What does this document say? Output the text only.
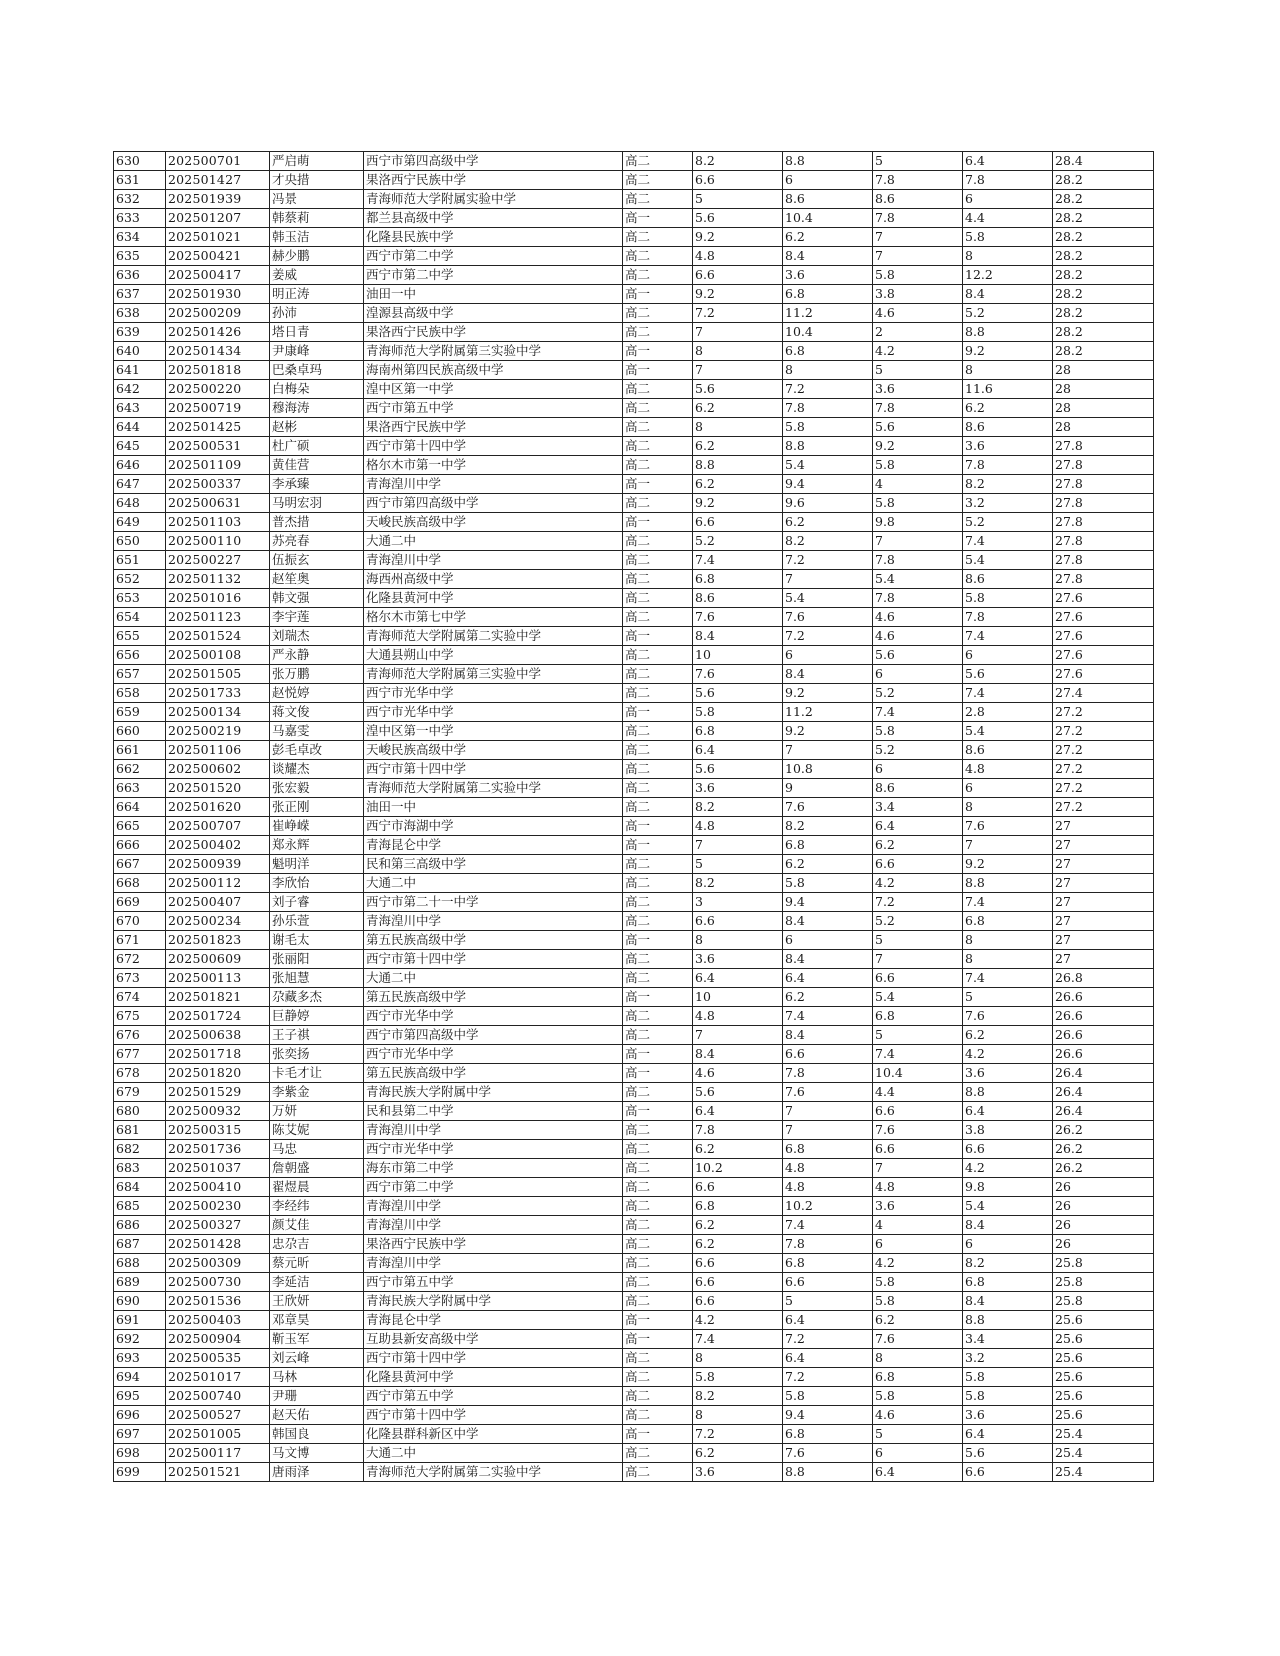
630	202500701	严启萌	西宁市第四高级中学	高二	8.2	8.8	5	6.4	28.4
631	202501427	才央措	果洛西宁民族中学	高二	6.6	6	7.8	7.8	28.2
632	202501939	冯景	青海师范大学附属实验中学	高二	5	8.6	8.6	6	28.2
633	202501207	韩蔡莉	都兰县高级中学	高一	5.6	10.4	7.8	4.4	28.2
634	202501021	韩玉洁	化隆县民族中学	高二	9.2	6.2	7	5.8	28.2
635	202500421	赫少鹏	西宁市第二中学	高二	4.8	8.4	7	8	28.2
636	202500417	姜威	西宁市第二中学	高二	6.6	3.6	5.8	12.2	28.2
637	202501930	明正涛	油田一中	高一	9.2	6.8	3.8	8.4	28.2
638	202500209	孙沛	湟源县高级中学	高二	7.2	11.2	4.6	5.2	28.2
639	202501426	塔日青	果洛西宁民族中学	高二	7	10.4	2	8.8	28.2
640	202501434	尹康峰	青海师范大学附属第三实验中学	高一	8	6.8	4.2	9.2	28.2
641	202501818	巴桑卓玛	海南州第四民族高级中学	高一	7	8	5	8	28
642	202500220	白梅朵	湟中区第一中学	高二	5.6	7.2	3.6	11.6	28
643	202500719	穆海涛	西宁市第五中学	高二	6.2	7.8	7.8	6.2	28
644	202501425	赵彬	果洛西宁民族中学	高二	8	5.8	5.6	8.6	28
645	202500531	杜广硕	西宁市第十四中学	高二	6.2	8.8	9.2	3.6	27.8
646	202501109	黄佳营	格尔木市第一中学	高二	8.8	5.4	5.8	7.8	27.8
647	202500337	李承臻	青海湟川中学	高一	6.2	9.4	4	8.2	27.8
648	202500631	马明宏羽	西宁市第四高级中学	高二	9.2	9.6	5.8	3.2	27.8
649	202501103	普杰措	天峻民族高级中学	高一	6.6	6.2	9.8	5.2	27.8
650	202500110	苏亮春	大通二中	高二	5.2	8.2	7	7.4	27.8
651	202500227	伍振玄	青海湟川中学	高二	7.4	7.2	7.8	5.4	27.8
652	202501132	赵笙奥	海西州高级中学	高二	6.8	7	5.4	8.6	27.8
653	202501016	韩文强	化隆县黄河中学	高二	8.6	5.4	7.8	5.8	27.6
654	202501123	李宇莲	格尔木市第七中学	高二	7.6	7.6	4.6	7.8	27.6
655	202501524	刘瑞杰	青海师范大学附属第二实验中学	高一	8.4	7.2	4.6	7.4	27.6
656	202500108	严永静	大通县朔山中学	高二	10	6	5.6	6	27.6
657	202501505	张万鹏	青海师范大学附属第三实验中学	高二	7.6	8.4	6	5.6	27.6
658	202501733	赵悦婷	西宁市光华中学	高二	5.6	9.2	5.2	7.4	27.4
659	202500134	蒋文俊	西宁市光华中学	高一	5.8	11.2	7.4	2.8	27.2
660	202500219	马嘉雯	湟中区第一中学	高二	6.8	9.2	5.8	5.4	27.2
661	202501106	彭毛卓改	天峻民族高级中学	高二	6.4	7	5.2	8.6	27.2
662	202500602	谈耀杰	西宁市第十四中学	高二	5.6	10.8	6	4.8	27.2
663	202501520	张宏毅	青海师范大学附属第二实验中学	高二	3.6	9	8.6	6	27.2
664	202501620	张正刚	油田一中	高二	8.2	7.6	3.4	8	27.2
665	202500707	崔峥嵘	西宁市海湖中学	高一	4.8	8.2	6.4	7.6	27
666	202500402	郑永辉	青海昆仑中学	高一	7	6.8	6.2	7	27
667	202500939	魁明洋	民和第三高级中学	高二	5	6.2	6.6	9.2	27
668	202500112	李欣怡	大通二中	高二	8.2	5.8	4.2	8.8	27
669	202500407	刘子睿	西宁市第二十一中学	高二	3	9.4	7.2	7.4	27
670	202500234	孙乐萱	青海湟川中学	高二	6.6	8.4	5.2	6.8	27
671	202501823	谢毛太	第五民族高级中学	高一	8	6	5	8	27
672	202500609	张丽阳	西宁市第十四中学	高二	3.6	8.4	7	8	27
673	202500113	张旭慧	大通二中	高二	6.4	6.4	6.6	7.4	26.8
674	202501821	尕藏多杰	第五民族高级中学	高一	10	6.2	5.4	5	26.6
675	202501724	巨静婷	西宁市光华中学	高二	4.8	7.4	6.8	7.6	26.6
676	202500638	王子祺	西宁市第四高级中学	高二	7	8.4	5	6.2	26.6
677	202501718	张奕扬	西宁市光华中学	高一	8.4	6.6	7.4	4.2	26.6
678	202501820	卡毛才让	第五民族高级中学	高一	4.6	7.8	10.4	3.6	26.4
679	202501529	李紫金	青海民族大学附属中学	高二	5.6	7.6	4.4	8.8	26.4
680	202500932	万妍	民和县第二中学	高一	6.4	7	6.6	6.4	26.4
681	202500315	陈艾妮	青海湟川中学	高二	7.8	7	7.6	3.8	26.2
682	202501736	马忠	西宁市光华中学	高二	6.2	6.8	6.6	6.6	26.2
683	202501037	詹朝盛	海东市第二中学	高二	10.2	4.8	7	4.2	26.2
684	202500410	翟煜晨	西宁市第二中学	高二	6.6	4.8	4.8	9.8	26
685	202500230	李经纬	青海湟川中学	高二	6.8	10.2	3.6	5.4	26
686	202500327	颜艾佳	青海湟川中学	高二	6.2	7.4	4	8.4	26
687	202501428	忠尕吉	果洛西宁民族中学	高二	6.2	7.8	6	6	26
688	202500309	蔡元昕	青海湟川中学	高二	6.6	6.8	4.2	8.2	25.8
689	202500730	李延洁	西宁市第五中学	高二	6.6	6.6	5.8	6.8	25.8
690	202501536	王欣妍	青海民族大学附属中学	高二	6.6	5	5.8	8.4	25.8
691	202500403	邓章昊	青海昆仑中学	高一	4.2	6.4	6.2	8.8	25.6
692	202500904	靳玉军	互助县新安高级中学	高一	7.4	7.2	7.6	3.4	25.6
693	202500535	刘云峰	西宁市第十四中学	高二	8	6.4	8	3.2	25.6
694	202501017	马林	化隆县黄河中学	高二	5.8	7.2	6.8	5.8	25.6
695	202500740	尹珊	西宁市第五中学	高二	8.2	5.8	5.8	5.8	25.6
696	202500527	赵天佑	西宁市第十四中学	高二	8	9.4	4.6	3.6	25.6
697	202501005	韩国良	化隆县群科新区中学	高一	7.2	6.8	5	6.4	25.4
698	202500117	马文博	大通二中	高二	6.2	7.6	6	5.6	25.4
699	202501521	唐雨泽	青海师范大学附属第二实验中学	高二	3.6	8.8	6.4	6.6	25.4
